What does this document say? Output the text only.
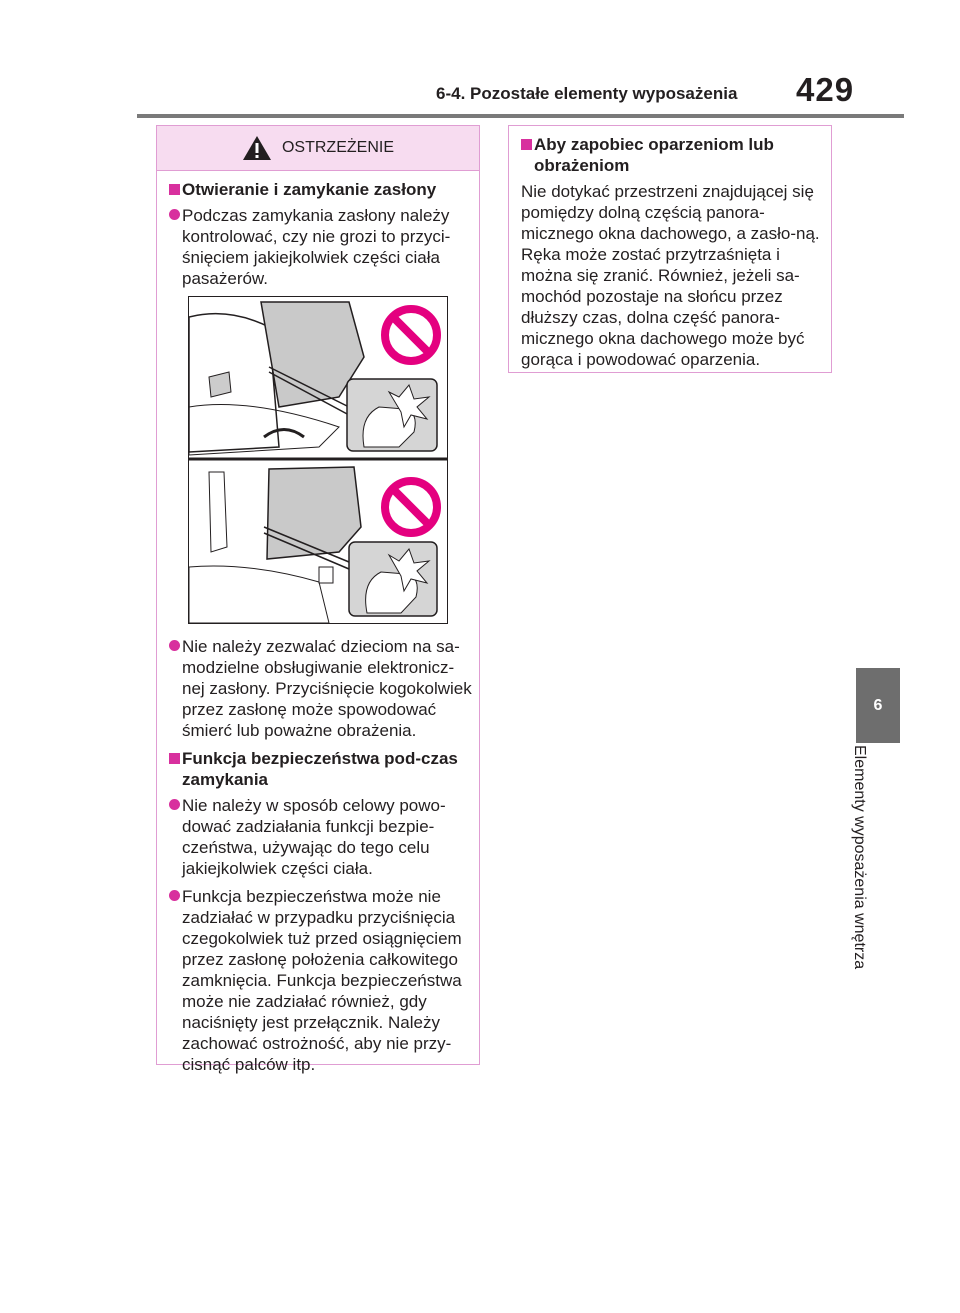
6-4. Pozostałe elementy wyposażenia 429
6
Elementy wyposażenia wnętrza
OSTRZEŻENIE
Otwieranie i zamykanie zasłony
Podczas zamykania zasłony należy kontrolować, czy nie grozi to przyci-śnięciem jakiejkolwiek części ciała pasażerów.
Nie należy zezwalać dzieciom na sa-modzielne obsługiwanie elektronicz-nej zasłony. Przyciśnięcie kogokolwiek przez zasłonę może spowodować śmierć lub poważne obrażenia.
Funkcja bezpieczeństwa pod-czas zamykania
Nie należy w sposób celowy powo-dować zadziałania funkcji bezpie-czeństwa, używając do tego celu jakiejkolwiek części ciała.
Funkcja bezpieczeństwa może nie zadziałać w przypadku przyciśnięcia czegokolwiek tuż przed osiągnięciem przez zasłonę położenia całkowitego zamknięcia. Funkcja bezpieczeństwa może nie zadziałać również, gdy naciśnięty jest przełącznik. Należy zachować ostrożność, aby nie przy-cisnąć palców itp.
Aby zapobiec oparzeniom lub obrażeniom

Nie dotykać przestrzeni znajdującej się pomiędzy dolną częścią panora-micznego okna dachowego, a zasło-ną. Ręka może zostać przytrzaśnięta i można się zranić. Również, jeżeli sa-mochód pozostaje na słońcu przez dłuższy czas, dolna część panora-micznego okna dachowego może być gorąca i powodować oparzenia.
